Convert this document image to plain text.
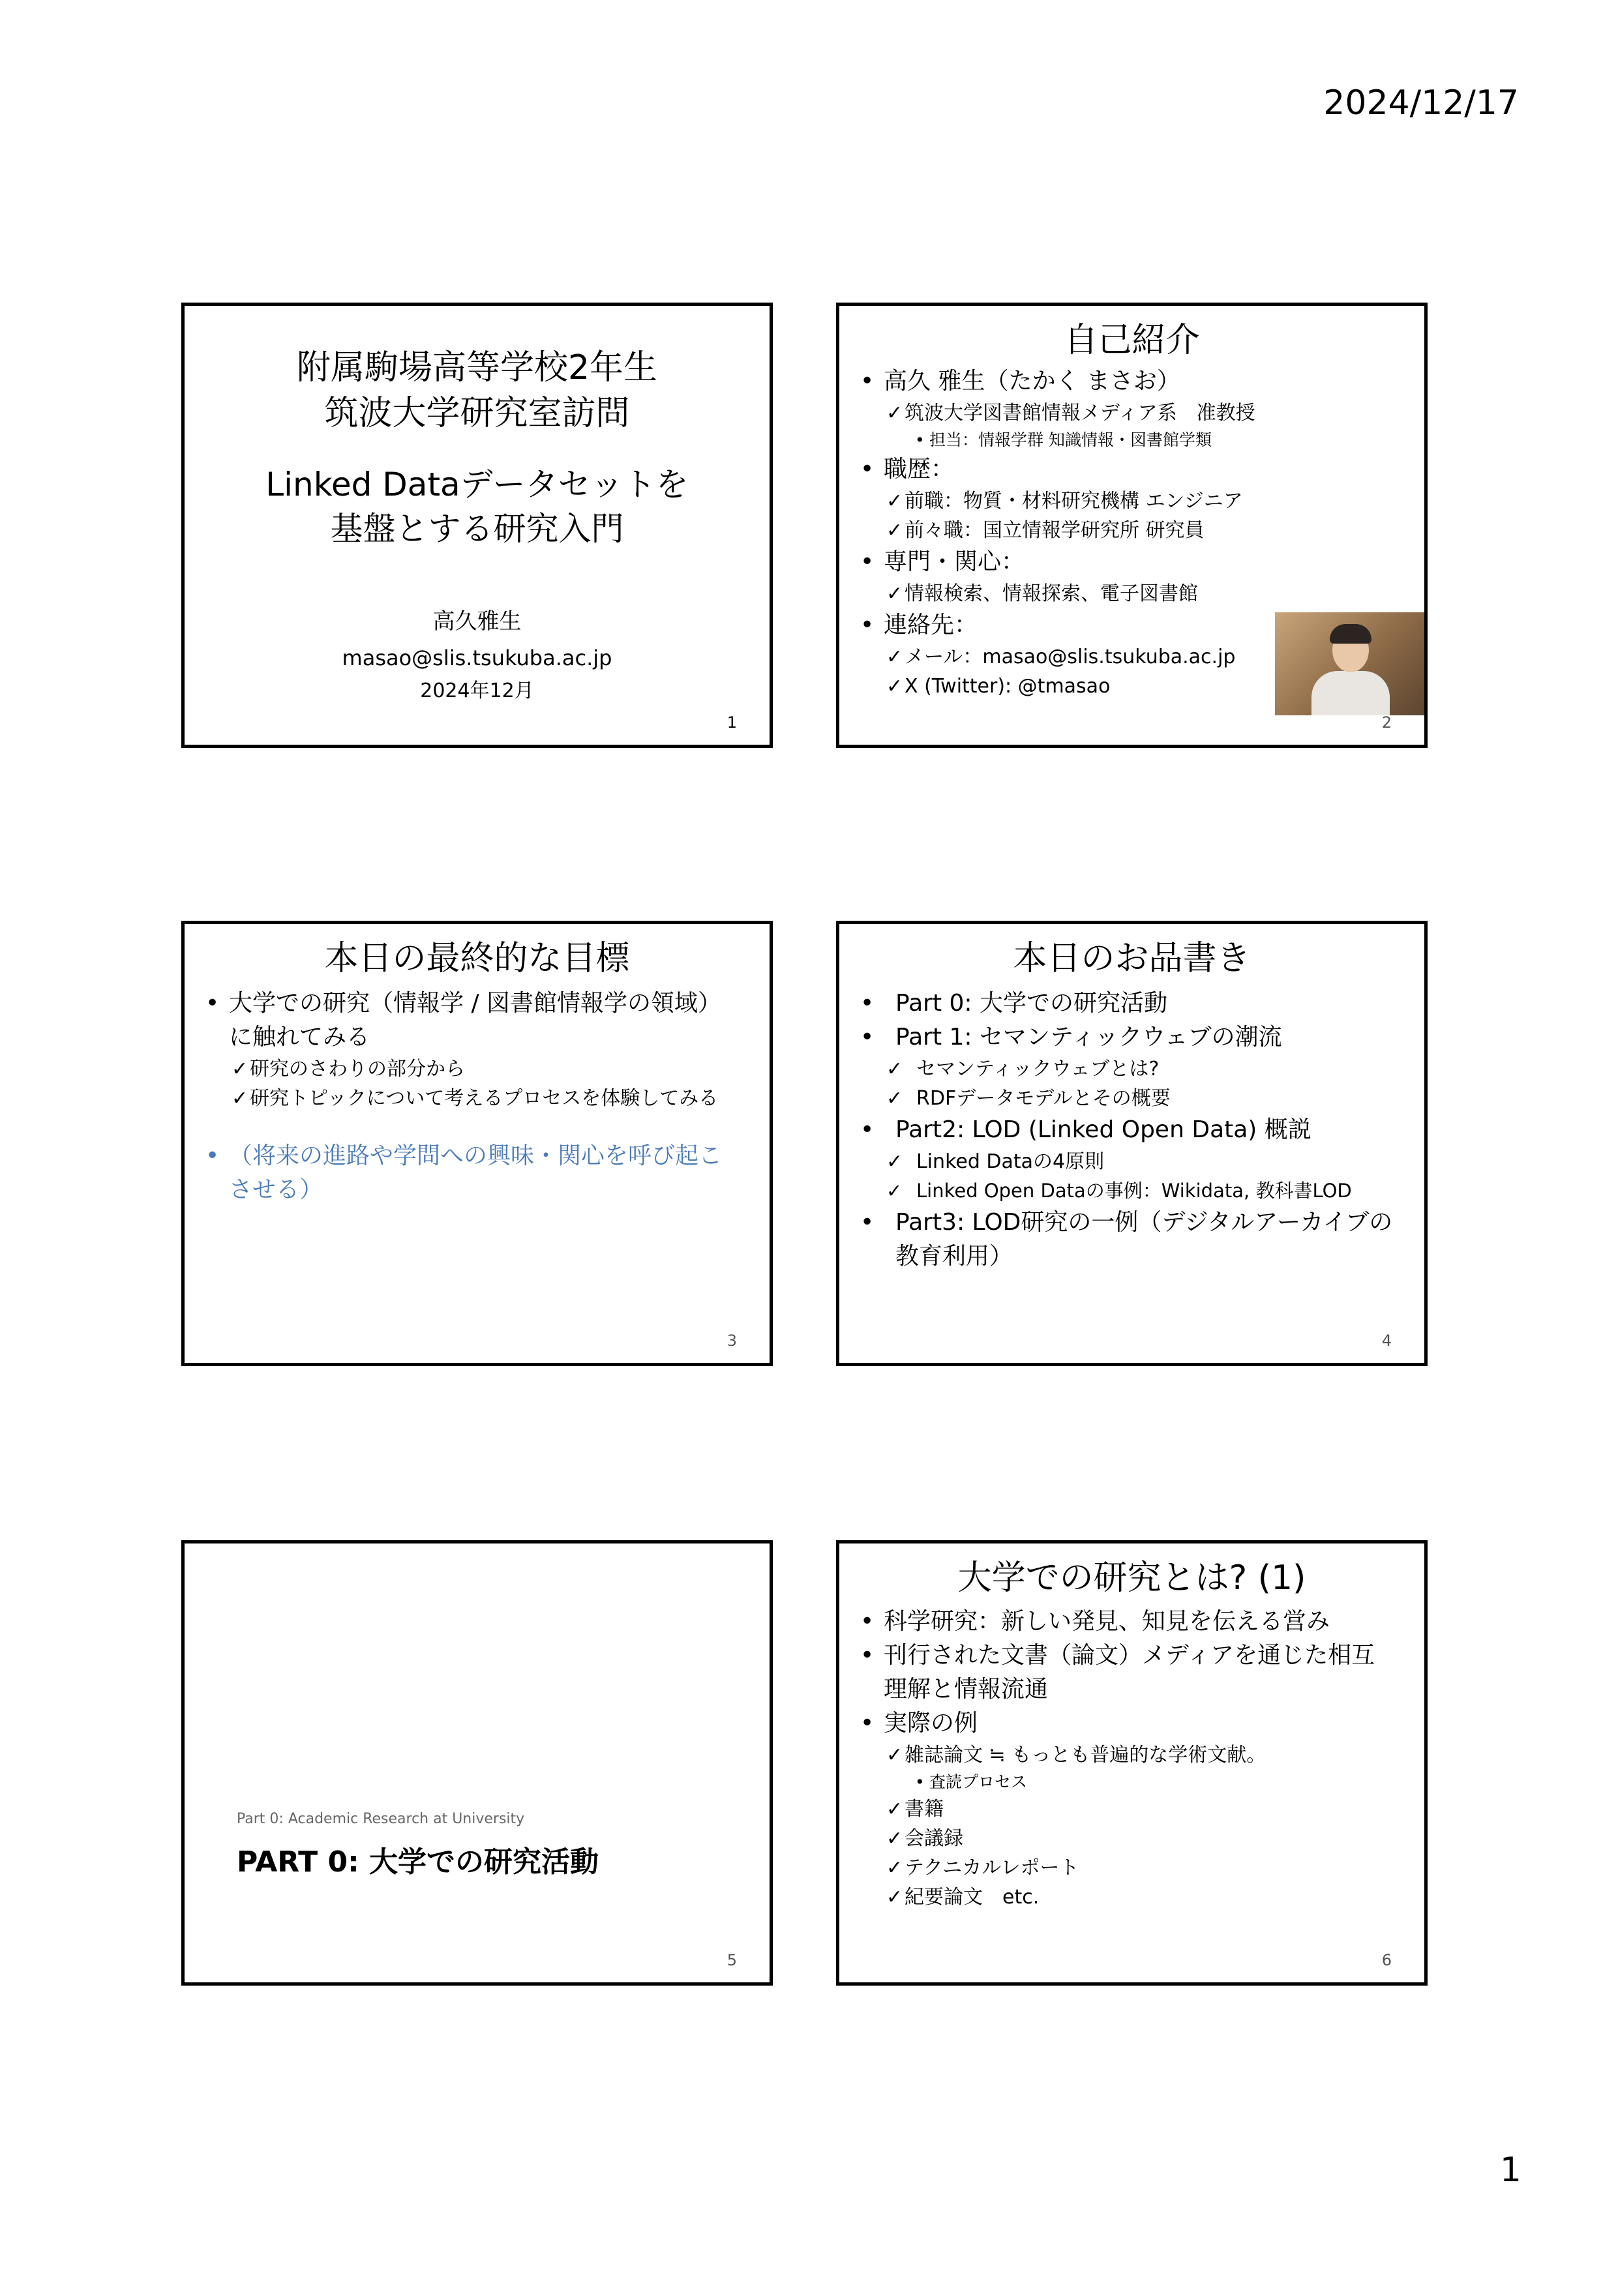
2024/12/17
附属駒場高等学校2年生
筑波大学研究室訪問
Linked Dataデータセットを
基盤とする研究入門
高久雅生
masao@slis.tsukuba.ac.jp
2024年12月
1
自己紹介
• 高久 雅生（たかく まさお）
✓ 筑波大学図書館情報メディア系　准教授
• 担当：情報学群 知識情報・図書館学類
• 職歴：
✓ 前職：物質・材料研究機構 エンジニア
✓ 前々職：国立情報学研究所 研究員
• 専門・関心：
✓ 情報検索、情報探索、電子図書館
• 連絡先：
✓ メール：masao@slis.tsukuba.ac.jp
✓ X (Twitter): @tmasao
2
本日の最終的な目標
• 大学での研究（情報学 / 図書館情報学の領域）に触れてみる
✓ 研究のさわりの部分から
✓ 研究トピックについて考えるプロセスを体験してみる
• （将来の進路や学問への興味・関心を呼び起こさせる）
3
本日のお品書き
• Part 0: 大学での研究活動
• Part 1: セマンティックウェブの潮流
✓ セマンティックウェブとは?
✓ RDFデータモデルとその概要
• Part2: LOD (Linked Open Data) 概説
✓ Linked Dataの4原則
✓ Linked Open Dataの事例：Wikidata, 教科書LOD
• Part3: LOD研究の一例（デジタルアーカイブの教育利用）
4
Part 0: Academic Research at University
PART 0: 大学での研究活動
5
大学での研究とは? (1)
• 科学研究：新しい発見、知見を伝える営み
• 刊行された文書（論文）メディアを通じた相互理解と情報流通
• 実際の例
✓ 雑誌論文 ≒ もっとも普遍的な学術文献。
• 査読プロセス
✓ 書籍
✓ 会議録
✓ テクニカルレポート
✓ 紀要論文　etc.
6
1
